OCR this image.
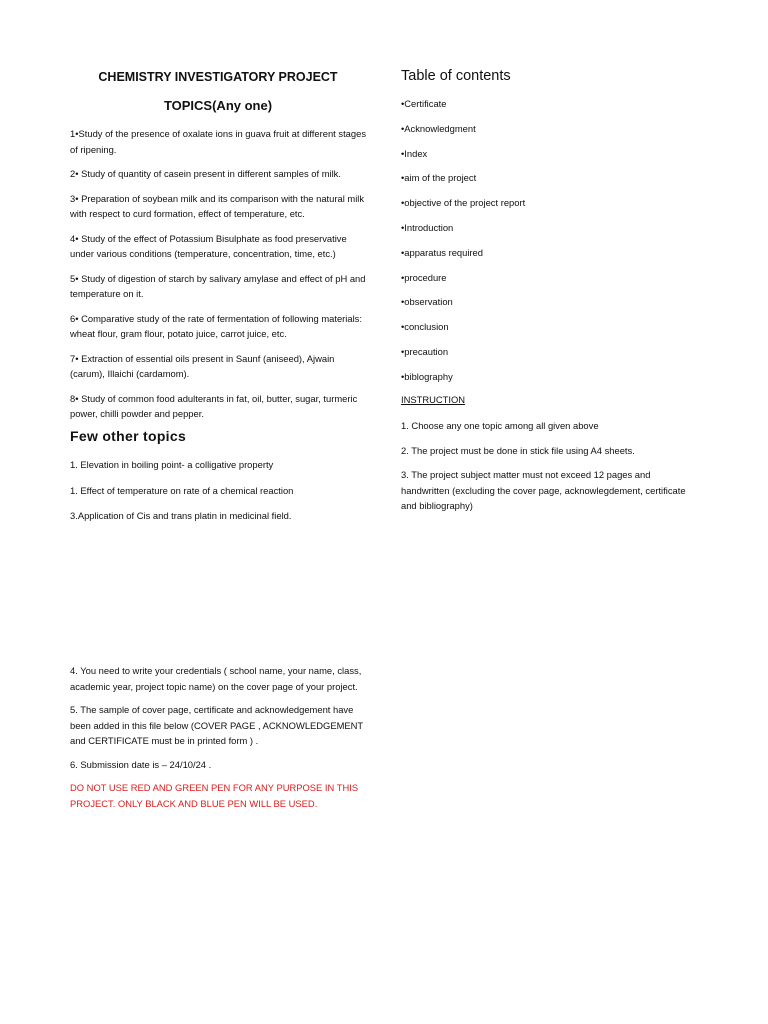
CHEMISTRY INVESTIGATORY PROJECT

TOPICS(Any one)

1•Study of the presence of oxalate ions in guava fruit at different stages of ripening.

2• Study of quantity of casein present in different samples of milk.

3• Preparation of soybean milk and its comparison with the natural milk with respect to curd formation, effect of temperature, etc.

4• Study of the effect of Potassium Bisulphate as food preservative under various conditions (temperature, concentration, time, etc.)

5• Study of digestion of starch by salivary amylase and effect of pH and temperature on it.

6• Comparative study of the rate of fermentation of following materials: wheat flour, gram flour, potato juice, carrot juice, etc.

7• Extraction of essential oils present in Saunf (aniseed), Ajwain (carum), Illaichi (cardamom).

8• Study of common food adulterants in fat, oil, butter, sugar, turmeric power, chilli powder and pepper.

Few other topics

1. Elevation in boiling point- a colligative property

1. Effect of temperature on rate of a chemical reaction

3.Application of Cis and trans platin in medicinal field.

4. You need to write your credentials ( school name, your name, class, academic year, project topic name) on the cover page of your project.

5. The sample of cover page, certificate and acknowledgement have been added in this file below (COVER PAGE , ACKNOWLEDGEMENT and CERTIFICATE must be in printed form ) .

6. Submission date is – 24/10/24 .

DO NOT USE RED AND GREEN PEN FOR ANY PURPOSE IN THIS PROJECT. ONLY BLACK AND BLUE PEN WILL BE USED.

Table of contents
•Certificate
•Acknowledgment
•Index
•aim of the project
•objective of the project report
•Introduction
•apparatus required
•procedure
•observation
•conclusion
•precaution
•biblography

INSTRUCTION

1. Choose any one topic among all given above

2. The project must be done in stick file using A4 sheets.

3. The project subject matter must not exceed 12 pages and handwritten (excluding the cover page, acknowlegdement, certificate and bibliography)
